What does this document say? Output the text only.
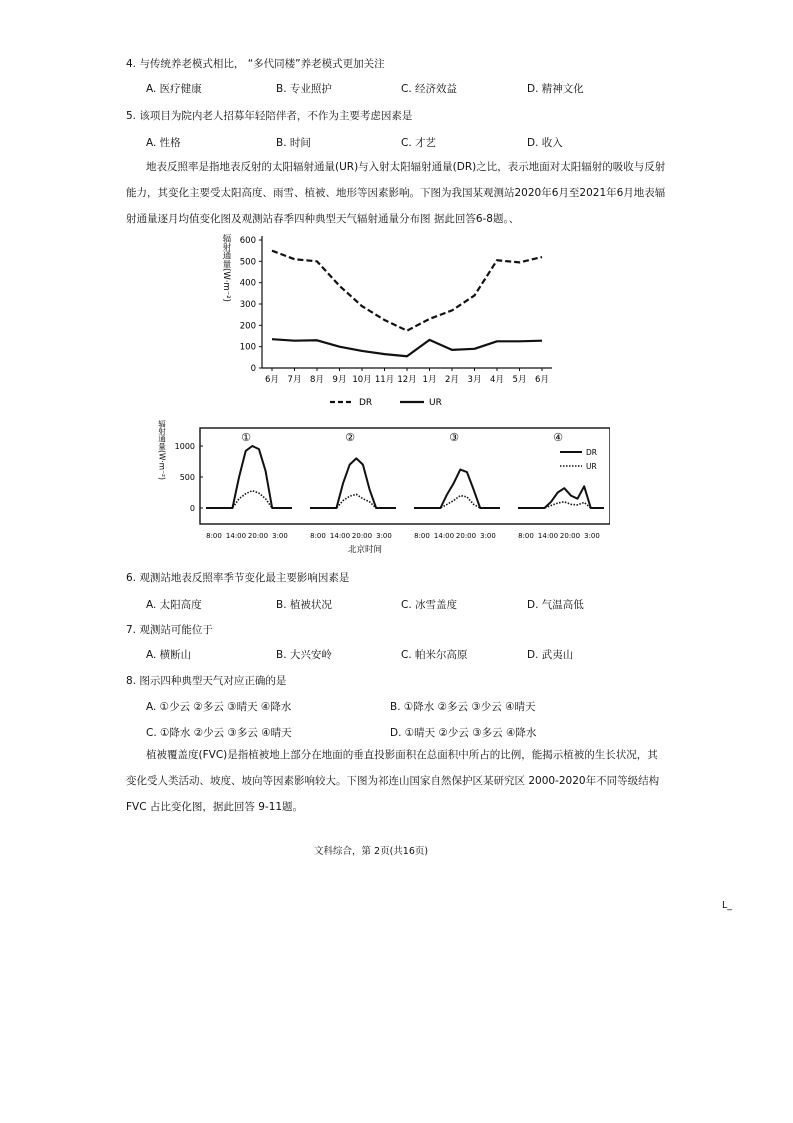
4. 与传统养老模式相比， “多代同楼”养老模式更加关注
A. 医疗健康	B. 专业照护	C. 经济效益	D. 精神文化
5. 该项目为院内老人招募年轻陪伴者，不作为主要考虑因素是
A. 性格	B. 时间	C. 才艺	D. 收入

地表反照率是指地表反射的太阳辐射通量(UR)与入射太阳辐射通量(DR)之比，表示地面对太阳辐射的吸收与反射能力，其变化主要受太阳高度、雨雪、植被、地形等因素影响。下图为我国某观测站2020年6月至2021年6月地表辐射通量逐月均值变化图及观测站春季四种典型天气辐射通量分布图 据此回答6-8题。、

0
100
200
300
400
500
600
6月 7月 8月 9月 10月 11月 12月 1月 2月 3月 4月 5月 6月
DR	UR
辐射通量(W·m⁻²)
0
500
1000
辐射通量(W·m⁻²)	①
8:00 14:00 20:00 3:00
②
8:00 14:00 20:00 3:00
③
8:00 14:00 20:00 3:00
④
8:00 14:00 20:00 3:00
北京时间
DR
UR
6. 观测站地表反照率季节变化最主要影响因素是
A. 太阳高度	B. 植被状况	C. 冰雪盖度	D. 气温高低
7. 观测站可能位于
A. 横断山	B. 大兴安岭	C. 帕米尔高原	D. 武夷山
8. 图示四种典型天气对应正确的是
A. ①少云 ②多云 ③晴天 ④降水	B. ①降水 ②多云 ③少云 ④晴天
C. ①降水 ②少云 ③多云 ④晴天	D. ①晴天 ②少云 ③多云 ④降水

植被覆盖度(FVC)是指植被地上部分在地面的垂直投影面积在总面积中所占的比例，能揭示植被的生长状况，其变化受人类活动、坡度、坡向等因素影响较大。下图为祁连山国家自然保护区某研究区 2000-2020年不同等级结构FVC 占比变化图，据此回答 9-11题。

文科综合，第 2页(共16页)
L_
